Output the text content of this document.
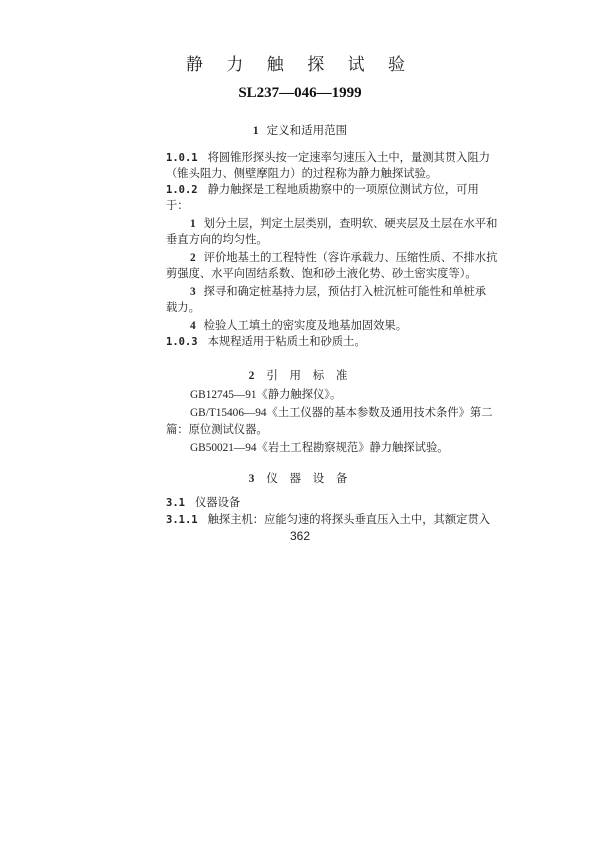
静 力 触 探 试 验
SL237—046—1999
1 定义和适用范围
1.0.1 将圆锥形探头按一定速率匀速压入土中，量测其贯入阻力
（锥头阻力、侧壁摩阻力）的过程称为静力触探试验。
1.0.2 静力触探是工程地质勘察中的一项原位测试方位，可用
于：
1 划分土层，判定土层类别，查明软、硬夹层及土层在水平和
垂直方向的均匀性。
2 评价地基土的工程特性（容许承载力、压缩性质、不排水抗
剪强度、水平向固结系数、饱和砂土液化势、砂土密实度等）。
3 探寻和确定桩基持力层，预估打入桩沉桩可能性和单桩承
载力。
4 检验人工填土的密实度及地基加固效果。
1.0.3 本规程适用于粘质土和砂质土。
2 引 用 标 准
GB12745—91《静力触探仪》。
GB/T15406—94《土工仪器的基本参数及通用技术条件》第二
篇：原位测试仪器。
GB50021—94《岩土工程勘察规范》静力触探试验。
3 仪 器 设 备
3.1 仪器设备
3.1.1 触探主机：应能匀速的将探头垂直压入土中，其额定贯入
362
